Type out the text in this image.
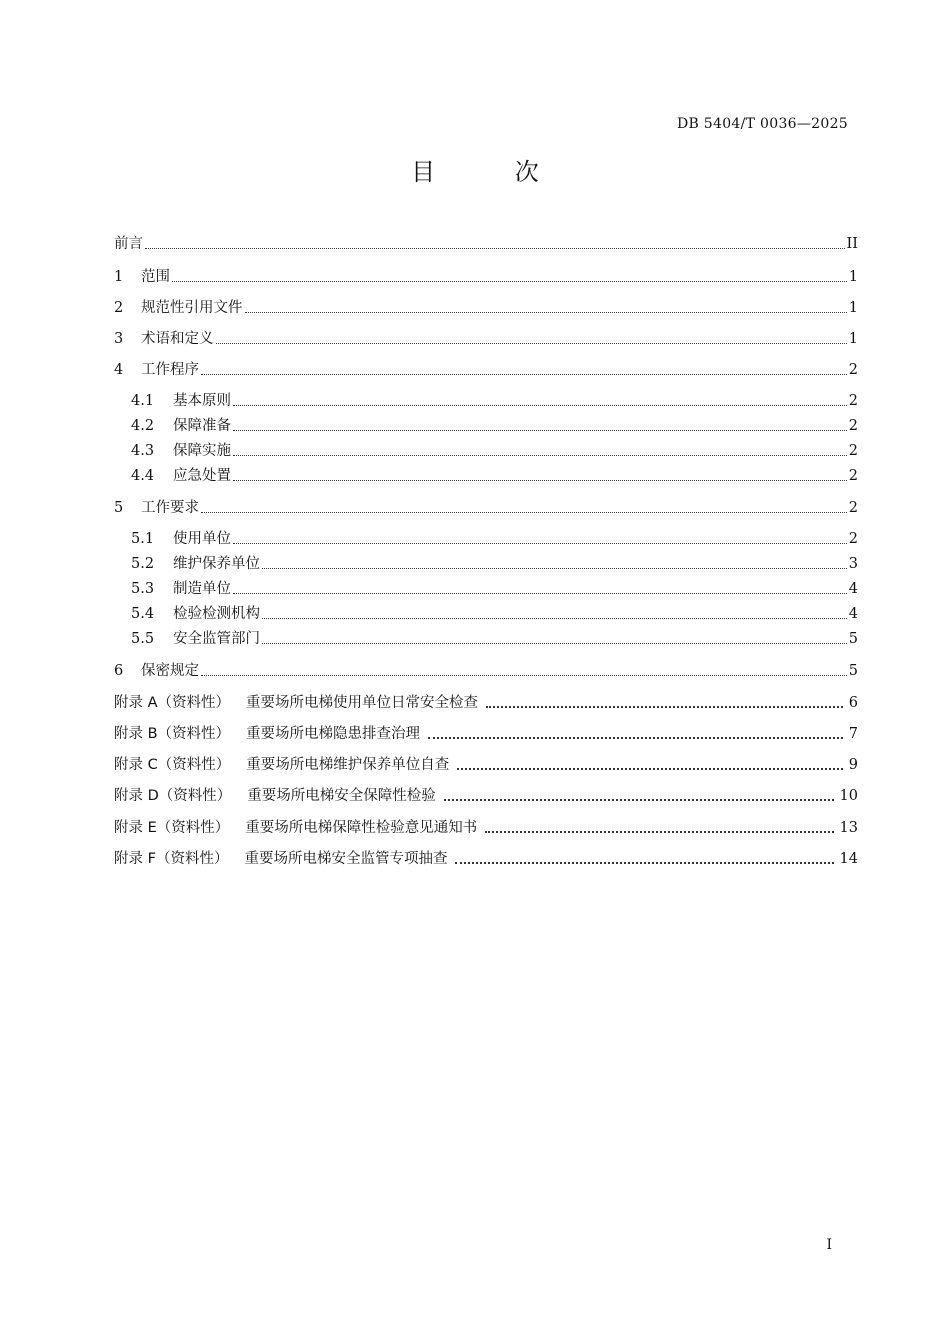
DB 5404/T 0036—2025
目 次
前言	II
1 范围	1
2 规范性引用文件	1
3 术语和定义	1
4 工作程序	2
4.1 基本原则	2
4.2 保障准备	2
4.3 保障实施	2
4.4 应急处置	2
5 工作要求	2
5.1 使用单位	2
5.2 维护保养单位	3
5.3 制造单位	4
5.4 检验检测机构	4
5.5 安全监管部门	5
6 保密规定	5
附录 A（资料性） 重要场所电梯使用单位日常安全检查	6
附录 B（资料性） 重要场所电梯隐患排查治理	7
附录 C（资料性） 重要场所电梯维护保养单位自查	9
附录 D（资料性） 重要场所电梯安全保障性检验	10
附录 E（资料性） 重要场所电梯保障性检验意见通知书	13
附录 F（资料性） 重要场所电梯安全监管专项抽查	14
I
